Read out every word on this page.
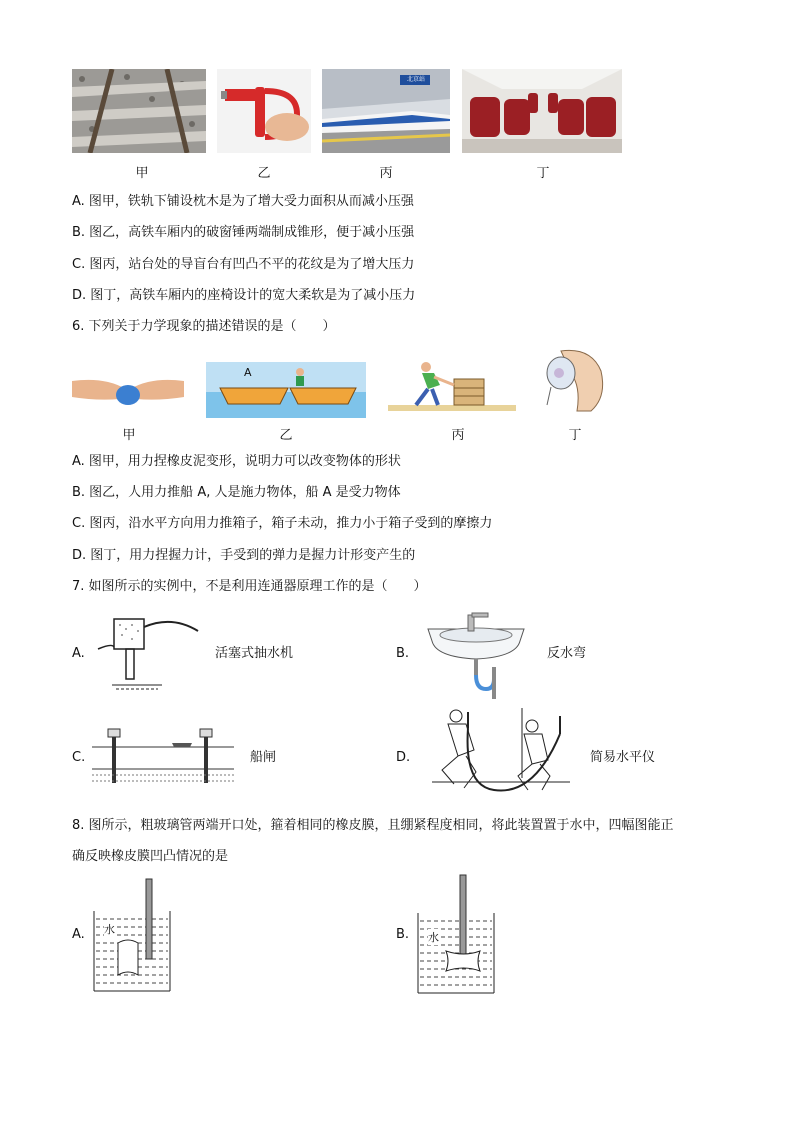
北京站
甲	乙	丙	丁
A. 图甲，铁轨下铺设枕木是为了增大受力面积从而减小压强
B. 图乙，高铁车厢内的破窗锤两端制成锥形，便于减小压强
C. 图丙，站台处的导盲台有凹凸不平的花纹是为了增大压力
D. 图丁，高铁车厢内的座椅设计的宽大柔软是为了减小压力
6. 下列关于力学现象的描述错误的是（　　）
A
甲	乙	丙	丁
A. 图甲，用力捏橡皮泥变形，说明力可以改变物体的形状
B. 图乙，人用力推船 A, 人是施力物体，船 A 是受力物体
C. 图丙，沿水平方向用力推箱子，箱子未动，推力小于箱子受到的摩擦力
D. 图丁，用力捏握力计，手受到的弹力是握力计形变产生的
7. 如图所示的实例中，不是利用连通器原理工作的是（　　）
A.	活塞式抽水机	B.	反水弯
C.	船闸	D.	简易水平仪
8. 图所示，粗玻璃管两端开口处，箍着相同的橡皮膜，且绷紧程度相同，将此装置置于水中，四幅图能正
确反映橡皮膜凹凸情况的是
A. 水	B. 水
